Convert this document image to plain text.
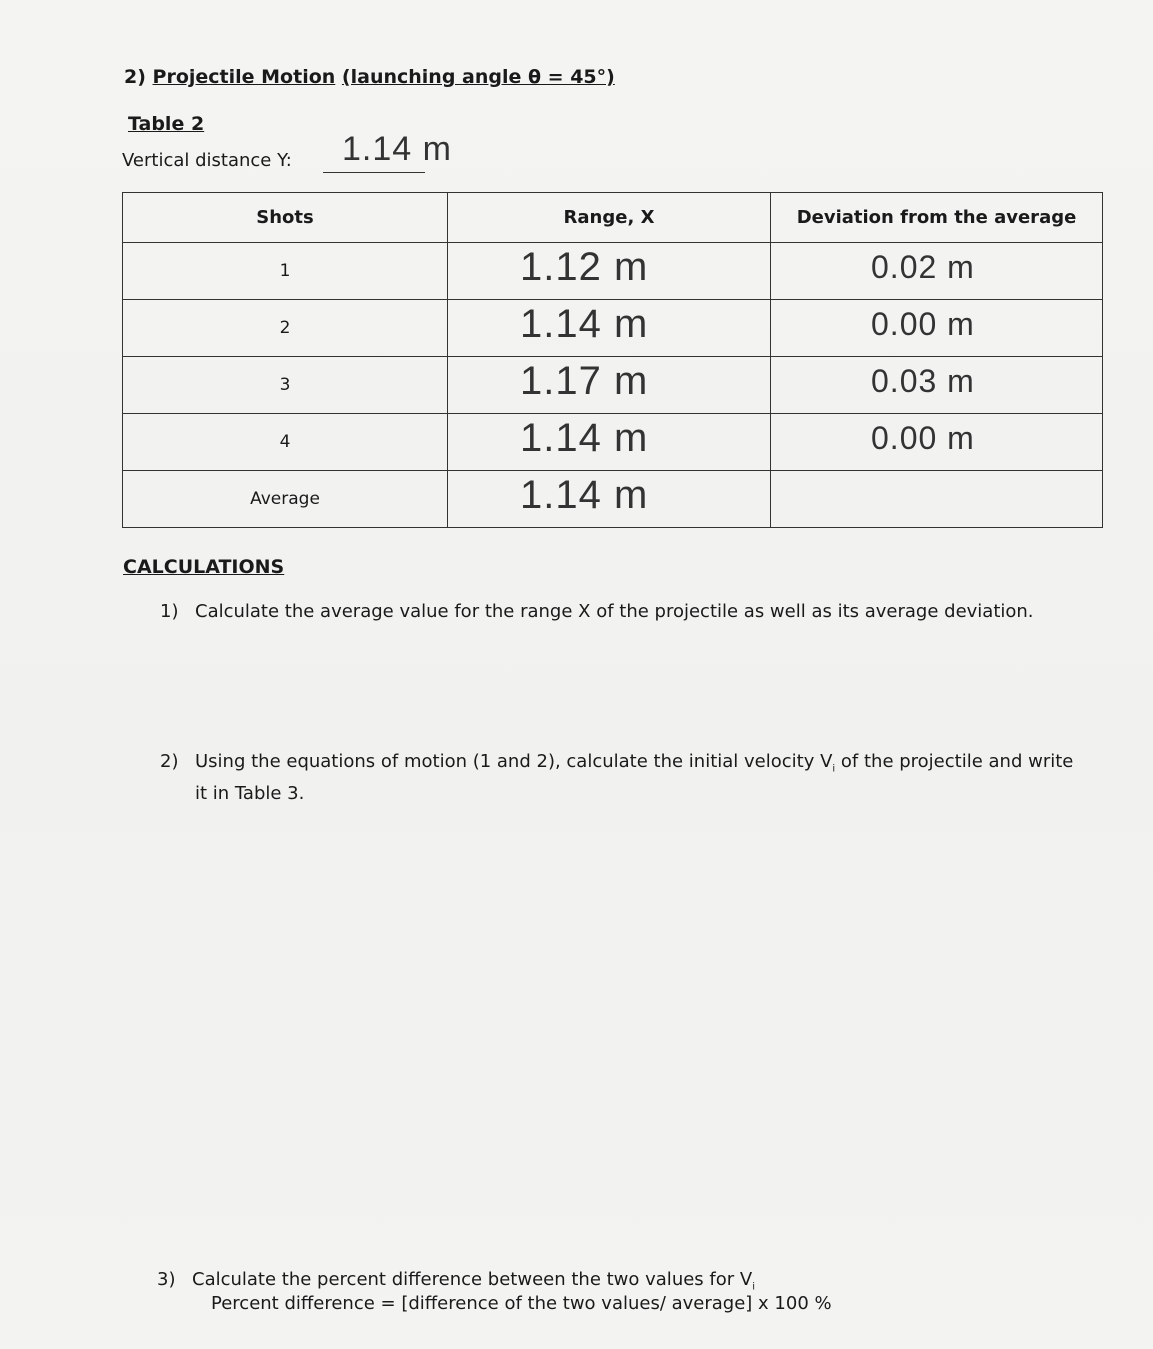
2) Projectile Motion (launching angle θ = 45°)
Table 2
Vertical distance Y: 1.14 m
Shots	Range, X	Deviation from the average
1	1.12 m	0.02 m

2	1.14 m	0.00 m

3	1.17 m	0.03 m

4	1.14 m	0.00 m

Average	1.14 m	

CALCULATIONS
1) Calculate the average value for the range X of the projectile as well as its average deviation.
2) Using the equations of motion (1 and 2), calculate the initial velocity $V_i$ of the projectile and write it in Table 3.
3) Calculate the percent difference between the two values for $V_i$
Percent difference = [difference of the two values/ average] x 100 %
